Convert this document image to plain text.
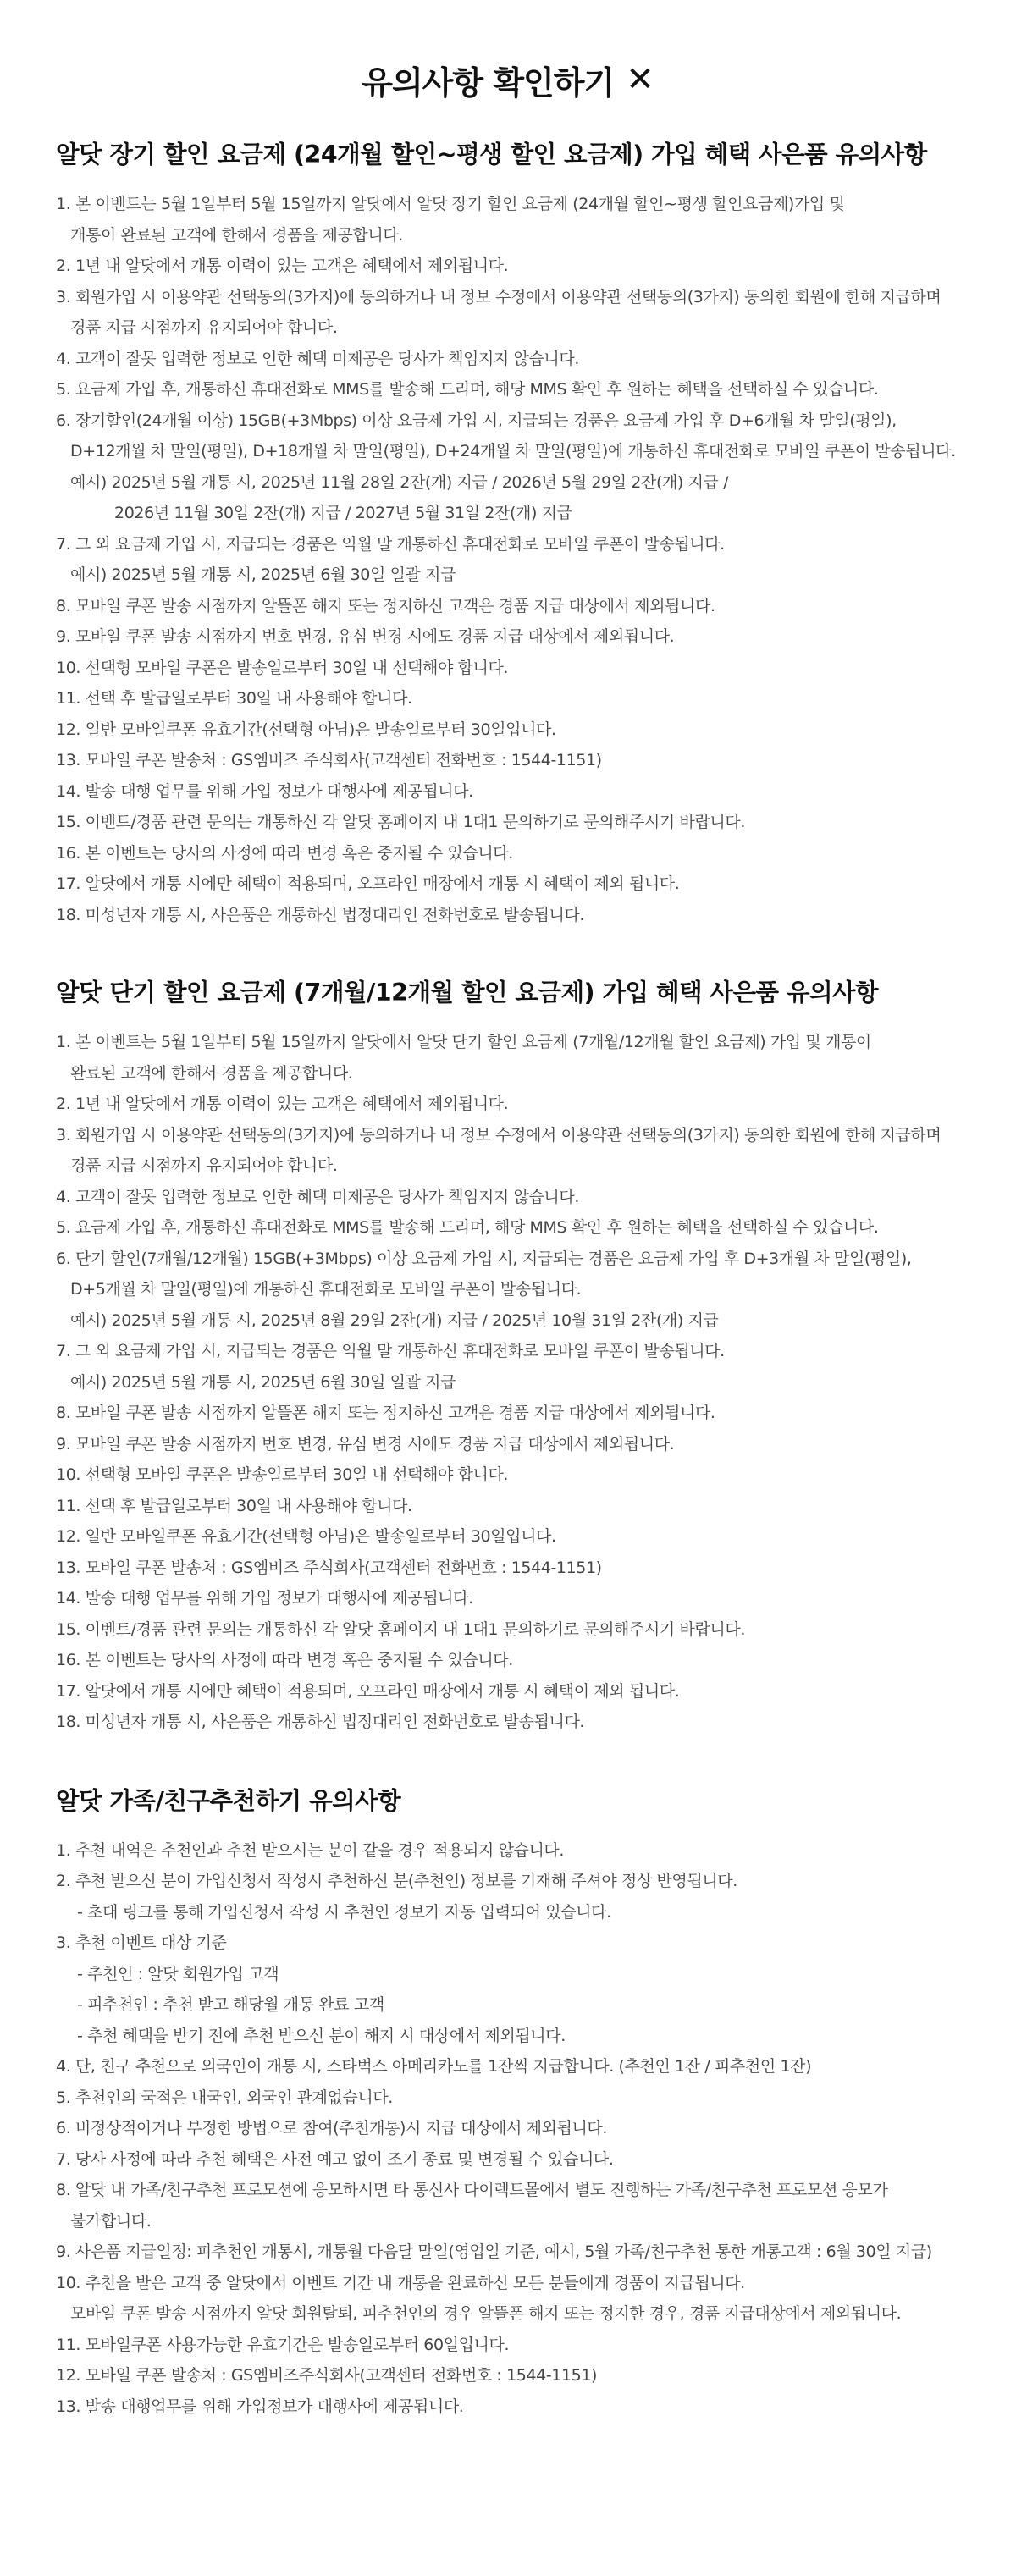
유의사항 확인하기 ✕
알닷 장기 할인 요금제 (24개월 할인~평생 할인 요금제) 가입 혜택 사은품 유의사항
1. 본 이벤트는 5월 1일부터 5월 15일까지 알닷에서 알닷 장기 할인 요금제 (24개월 할인~평생 할인요금제)가입 및
개통이 완료된 고객에 한해서 경품을 제공합니다.
2. 1년 내 알닷에서 개통 이력이 있는 고객은 혜택에서 제외됩니다.
3. 회원가입 시 이용약관 선택동의(3가지)에 동의하거나 내 정보 수정에서 이용약관 선택동의(3가지) 동의한 회원에 한해 지급하며
경품 지급 시점까지 유지되어야 합니다.
4. 고객이 잘못 입력한 정보로 인한 혜택 미제공은 당사가 책임지지 않습니다.
5. 요금제 가입 후, 개통하신 휴대전화로 MMS를 발송해 드리며, 해당 MMS 확인 후 원하는 혜택을 선택하실 수 있습니다.
6. 장기할인(24개월 이상) 15GB(+3Mbps) 이상 요금제 가입 시, 지급되는 경품은 요금제 가입 후 D+6개월 차 말일(평일),
D+12개월 차 말일(평일), D+18개월 차 말일(평일), D+24개월 차 말일(평일)에 개통하신 휴대전화로 모바일 쿠폰이 발송됩니다.
예시) 2025년 5월 개통 시, 2025년 11월 28일 2잔(개) 지급 / 2026년 5월 29일 2잔(개) 지급 /
2026년 11월 30일 2잔(개) 지급 / 2027년 5월 31일 2잔(개) 지급
7. 그 외 요금제 가입 시, 지급되는 경품은 익월 말 개통하신 휴대전화로 모바일 쿠폰이 발송됩니다.
예시) 2025년 5월 개통 시, 2025년 6월 30일 일괄 지급
8. 모바일 쿠폰 발송 시점까지 알뜰폰 해지 또는 정지하신 고객은 경품 지급 대상에서 제외됩니다.
9. 모바일 쿠폰 발송 시점까지 번호 변경, 유심 변경 시에도 경품 지급 대상에서 제외됩니다.
10. 선택형 모바일 쿠폰은 발송일로부터 30일 내 선택해야 합니다.
11. 선택 후 발급일로부터 30일 내 사용해야 합니다.
12. 일반 모바일쿠폰 유효기간(선택형 아님)은 발송일로부터 30일입니다.
13. 모바일 쿠폰 발송처 : GS엠비즈 주식회사(고객센터 전화번호 : 1544-1151)
14. 발송 대행 업무를 위해 가입 정보가 대행사에 제공됩니다.
15. 이벤트/경품 관련 문의는 개통하신 각 알닷 홈페이지 내 1대1 문의하기로 문의해주시기 바랍니다.
16. 본 이벤트는 당사의 사정에 따라 변경 혹은 중지될 수 있습니다.
17. 알닷에서 개통 시에만 혜택이 적용되며, 오프라인 매장에서 개통 시 혜택이 제외 됩니다.
18. 미성년자 개통 시, 사은품은 개통하신 법정대리인 전화번호로 발송됩니다.
알닷 단기 할인 요금제 (7개월/12개월 할인 요금제) 가입 혜택 사은품 유의사항
1. 본 이벤트는 5월 1일부터 5월 15일까지 알닷에서 알닷 단기 할인 요금제 (7개월/12개월 할인 요금제) 가입 및 개통이
완료된 고객에 한해서 경품을 제공합니다.
2. 1년 내 알닷에서 개통 이력이 있는 고객은 혜택에서 제외됩니다.
3. 회원가입 시 이용약관 선택동의(3가지)에 동의하거나 내 정보 수정에서 이용약관 선택동의(3가지) 동의한 회원에 한해 지급하며
경품 지급 시점까지 유지되어야 합니다.
4. 고객이 잘못 입력한 정보로 인한 혜택 미제공은 당사가 책임지지 않습니다.
5. 요금제 가입 후, 개통하신 휴대전화로 MMS를 발송해 드리며, 해당 MMS 확인 후 원하는 혜택을 선택하실 수 있습니다.
6. 단기 할인(7개월/12개월) 15GB(+3Mbps) 이상 요금제 가입 시, 지급되는 경품은 요금제 가입 후 D+3개월 차 말일(평일),
D+5개월 차 말일(평일)에 개통하신 휴대전화로 모바일 쿠폰이 발송됩니다.
예시) 2025년 5월 개통 시, 2025년 8월 29일 2잔(개) 지급 / 2025년 10월 31일 2잔(개) 지급
7. 그 외 요금제 가입 시, 지급되는 경품은 익월 말 개통하신 휴대전화로 모바일 쿠폰이 발송됩니다.
예시) 2025년 5월 개통 시, 2025년 6월 30일 일괄 지급
8. 모바일 쿠폰 발송 시점까지 알뜰폰 해지 또는 정지하신 고객은 경품 지급 대상에서 제외됩니다.
9. 모바일 쿠폰 발송 시점까지 번호 변경, 유심 변경 시에도 경품 지급 대상에서 제외됩니다.
10. 선택형 모바일 쿠폰은 발송일로부터 30일 내 선택해야 합니다.
11. 선택 후 발급일로부터 30일 내 사용해야 합니다.
12. 일반 모바일쿠폰 유효기간(선택형 아님)은 발송일로부터 30일입니다.
13. 모바일 쿠폰 발송처 : GS엠비즈 주식회사(고객센터 전화번호 : 1544-1151)
14. 발송 대행 업무를 위해 가입 정보가 대행사에 제공됩니다.
15. 이벤트/경품 관련 문의는 개통하신 각 알닷 홈페이지 내 1대1 문의하기로 문의해주시기 바랍니다.
16. 본 이벤트는 당사의 사정에 따라 변경 혹은 중지될 수 있습니다.
17. 알닷에서 개통 시에만 혜택이 적용되며, 오프라인 매장에서 개통 시 혜택이 제외 됩니다.
18. 미성년자 개통 시, 사은품은 개통하신 법정대리인 전화번호로 발송됩니다.
알닷 가족/친구추천하기 유의사항
1. 추천 내역은 추천인과 추천 받으시는 분이 같을 경우 적용되지 않습니다.
2. 추천 받으신 분이 가입신청서 작성시 추천하신 분(추천인) 정보를 기재해 주셔야 정상 반영됩니다.
- 초대 링크를 통해 가입신청서 작성 시 추천인 정보가 자동 입력되어 있습니다.
3. 추천 이벤트 대상 기준
- 추천인 : 알닷 회원가입 고객
- 피추천인 : 추천 받고 해당월 개통 완료 고객
- 추천 혜택을 받기 전에 추천 받으신 분이 해지 시 대상에서 제외됩니다.
4. 단, 친구 추천으로 외국인이 개통 시, 스타벅스 아메리카노를 1잔씩 지급합니다. (추천인 1잔 / 피추천인 1잔)
5. 추천인의 국적은 내국인, 외국인 관계없습니다.
6. 비정상적이거나 부정한 방법으로 참여(추천개통)시 지급 대상에서 제외됩니다.
7. 당사 사정에 따라 추천 혜택은 사전 예고 없이 조기 종료 및 변경될 수 있습니다.
8. 알닷 내 가족/친구추천 프로모션에 응모하시면 타 통신사 다이렉트몰에서 별도 진행하는 가족/친구추천 프로모션 응모가
불가합니다.
9. 사은품 지급일정: 피추천인 개통시, 개통월 다음달 말일(영업일 기준, 예시, 5월 가족/친구추천 통한 개통고객 : 6월 30일 지급)
10. 추천을 받은 고객 중 알닷에서 이벤트 기간 내 개통을 완료하신 모든 분들에게 경품이 지급됩니다.
모바일 쿠폰 발송 시점까지 알닷 회원탈퇴, 피추천인의 경우 알뜰폰 해지 또는 정지한 경우, 경품 지급대상에서 제외됩니다.
11. 모바일쿠폰 사용가능한 유효기간은 발송일로부터 60일입니다.
12. 모바일 쿠폰 발송처 : GS엠비즈주식회사(고객센터 전화번호 : 1544-1151)
13. 발송 대행업무를 위해 가입정보가 대행사에 제공됩니다.
